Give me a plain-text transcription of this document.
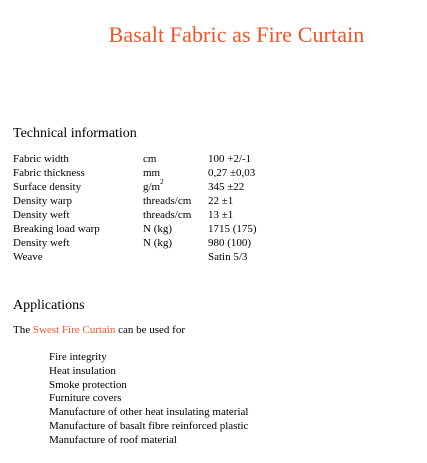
Basalt Fabric as Fire Curtain
Technical information
Fabric width	cm	100 +2/-1
Fabric thickness	mm	0,27 ±0,03
Surface density	$g/m^2$	345 ±22
Density warp	threads/cm	22 ±1
Density weft	threads/cm	13 ±1
Breaking load warp	N (kg)	1715 (175)
Density weft	N (kg)	980 (100)
Weave		Satin 5/3
Applications
The Swest Fire Curtain can be used for
Fire integrity
Heat insulation
Smoke protection
Furniture covers
Manufacture of other heat insulating material
Manufacture of basalt fibre reinforced plastic
Manufacture of roof material
